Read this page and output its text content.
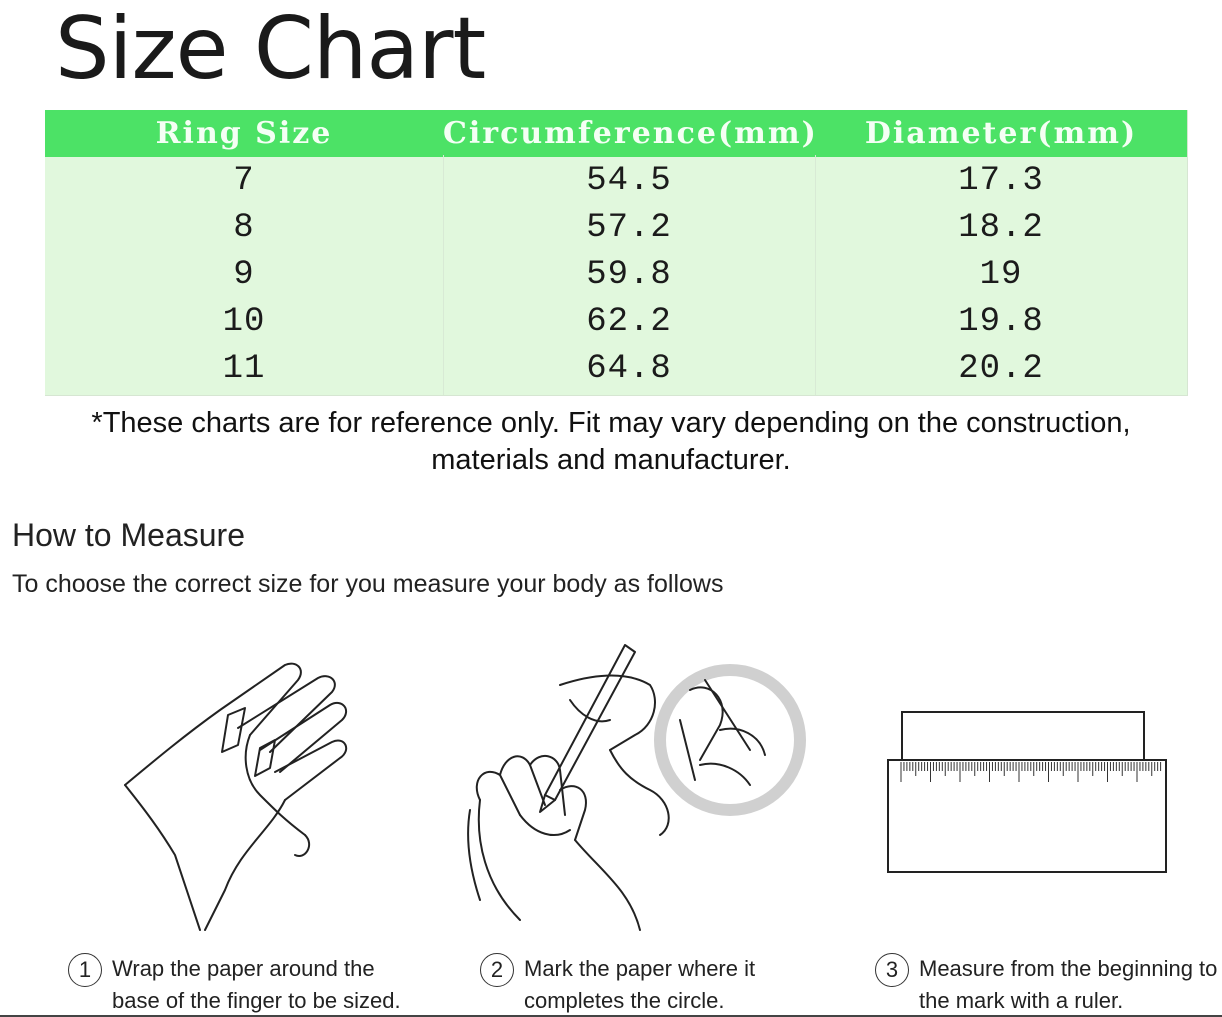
Size Chart
Ring Size	Circumference(mm)	Diameter(mm)
7	54.5	17.3
8	57.2	18.2
9	59.8	19
10	62.2	19.8
11	64.8	20.2
*These charts are for reference only. Fit may vary depending on the construction,
materials and manufacturer.
How to Measure
To choose the correct size for you measure your body as follows
1 Wrap the paper around the
base of the finger to be sized.
2 Mark the paper where it
completes the circle.
3 Measure from the beginning to
the mark with a ruler.
